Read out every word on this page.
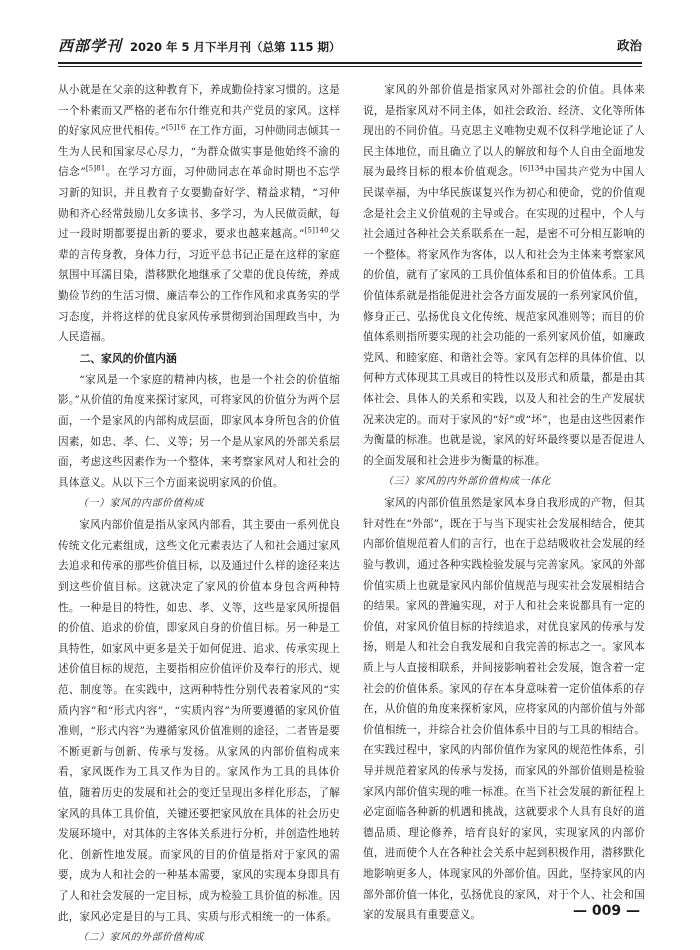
西部学刊 2020 年 5 月下半月刊（总第 115 期）	政治

从小就是在父亲的这种教育下，养成勤俭持家习惯的。这是一个朴素而又严格的老布尔什维克和共产党员的家风。这样的好家风应世代相传。”$^{[5]16}$ 在工作方面，习仲勋同志倾其一生为人民和国家尽心尽力，“为群众做实事是他始终不渝的信念”$^{[5]81}$。在学习方面，习仲勋同志在革命时期也不忘学习新的知识，并且教育子女要勤奋好学、精益求精，“习仲勋和齐心经常鼓励儿女多读书、多学习，为人民做贡献，每过一段时期都要提出新的要求，要求也越来越高。”$^{[5]140}$父辈的言传身教，身体力行，习近平总书记正是在这样的家庭氛围中耳濡目染，潜移默化地继承了父辈的优良传统，养成勤俭节约的生活习惯、廉洁奉公的工作作风和求真务实的学习态度，并将这样的优良家风传承贯彻到治国理政当中，为人民造福。

二、家风的价值内涵

“家风是一个家庭的精神内核，也是一个社会的价值缩影。”从价值的角度来探讨家风，可将家风的价值分为两个层面，一个是家风的内部构成层面，即家风本身所包含的价值因素，如忠、孝、仁、义等；另一个是从家风的外部关系层面，考虑这些因素作为一个整体，来考察家风对人和社会的具体意义。从以下三个方面来说明家风的价值。

（一）家风的内部价值构成

家风内部价值是指从家风内部看，其主要由一系列优良传统文化元素组成，这些文化元素表达了人和社会通过家风去追求和传承的那些价值目标，以及通过什么样的途径来达到这些价值目标。这就决定了家风的价值本身包含两种特性。一种是目的特性，如忠、孝、义等，这些是家风所提倡的价值、追求的价值，即家风自身的价值目标。另一种是工具特性，如家风中更多是关于如何促进、追求、传承实现上述价值目标的规范，主要指相应价值评价及奉行的形式、规范、制度等。在实践中，这两种特性分别代表着家风的“实质内容”和“形式内容”，“实质内容”为所要遵循的家风价值准则，“形式内容”为遵循家风价值准则的途径，二者皆是要不断更新与创新、传承与发扬。从家风的内部价值构成来看，家风既作为工具又作为目的。家风作为工具的具体价值，随着历史的发展和社会的变迁呈现出多样化形态，了解家风的具体工具价值，关键还要把家风放在具体的社会历史发展环境中，对其体的主客体关系进行分析，并创造性地转化、创新性地发展。而家风的目的价值是指对于家风的需要，成为人和社会的一种基本需要，家风的实现本身即具有了人和社会发展的一定目标，成为检验工具价值的标准。因此，家风必定是目的与工具、实质与形式相统一的一体系。

（二）家风的外部价值构成

家风的外部价值是指家风对外部社会的价值。具体来说，是指家风对不同主体，如社会政治、经济、文化等所体现出的不同价值。马克思主义唯物史观不仅科学地论证了人民主体地位，而且确立了以人的解放和每个人自由全面地发展为最终目标的根本价值观念。$^{[6]134}$中国共产党为中国人民谋幸福，为中华民族谋复兴作为初心和使命，党的价值观念是社会主义价值观的主导或合。在实现的过程中，个人与社会通过各种社会关系联系在一起，是密不可分相互影响的一个整体。将家风作为客体，以人和社会为主体来考察家风的价值，就有了家风的工具价值体系和目的价值体系。工具价值体系就是指能促进社会各方面发展的一系列家风价值，修身正己、弘扬优良文化传统、规范家风准则等；而目的价值体系则指所要实现的社会功能的一系列家风价值，如廉政党风、和睦家庭、和谐社会等。家风有怎样的具体价值、以何种方式体现其工具或目的特性以及形式和质量，都是由其体社会、具体人的关系和实践，以及人和社会的生产发展状况来决定的。而对于家风的“好”或“坏”，也是由这些因素作为衡量的标准。也就是说，家风的好坏最终要以是否促进人的全面发展和社会进步为衡量的标准。

（三）家风的内外部价值构成一体化

家风的内部价值虽然是家风本身自我形成的产物，但其针对性在“外部”，既在于与当下现实社会发展相结合，使其内部价值规范着人们的言行，也在于总结吸收社会发展的经验与教训，通过各种实践检验发展与完善家风。家风的外部价值实质上也就是家风内部价值规范与现实社会发展相结合的结果。家风的普遍实现，对于人和社会来说都具有一定的价值，对家风价值目标的持续追求，对优良家风的传承与发扬，则是人和社会自我发展和自我完善的标志之一。家风本质上与人直接相联系，并间接影响着社会发展，饱含着一定社会的价值体系。家风的存在本身意味着一定价值体系的存在，从价值的角度来探析家风，应将家风的内部价值与外部价值相统一，并综合社会价值体系中目的与工具的相结合。在实践过程中，家风的内部价值作为家风的规范性体系，引导并规范着家风的传承与发扬，而家风的外部价值则是检验家风内部价值实现的唯一标准。在当下社会发展的新征程上必定面临各种新的机遇和挑战，这就要求个人具有良好的道德品质、理论修养，培育良好的家风，实现家风的内部价值，进而使个人在各种社会关系中起到积极作用，潜移默化地影响更多人，体现家风的外部价值。因此，坚持家风的内部外部价值一体化，弘扬优良的家风，对于个人、社会和国家的发展具有重要意义。	— 009 —
